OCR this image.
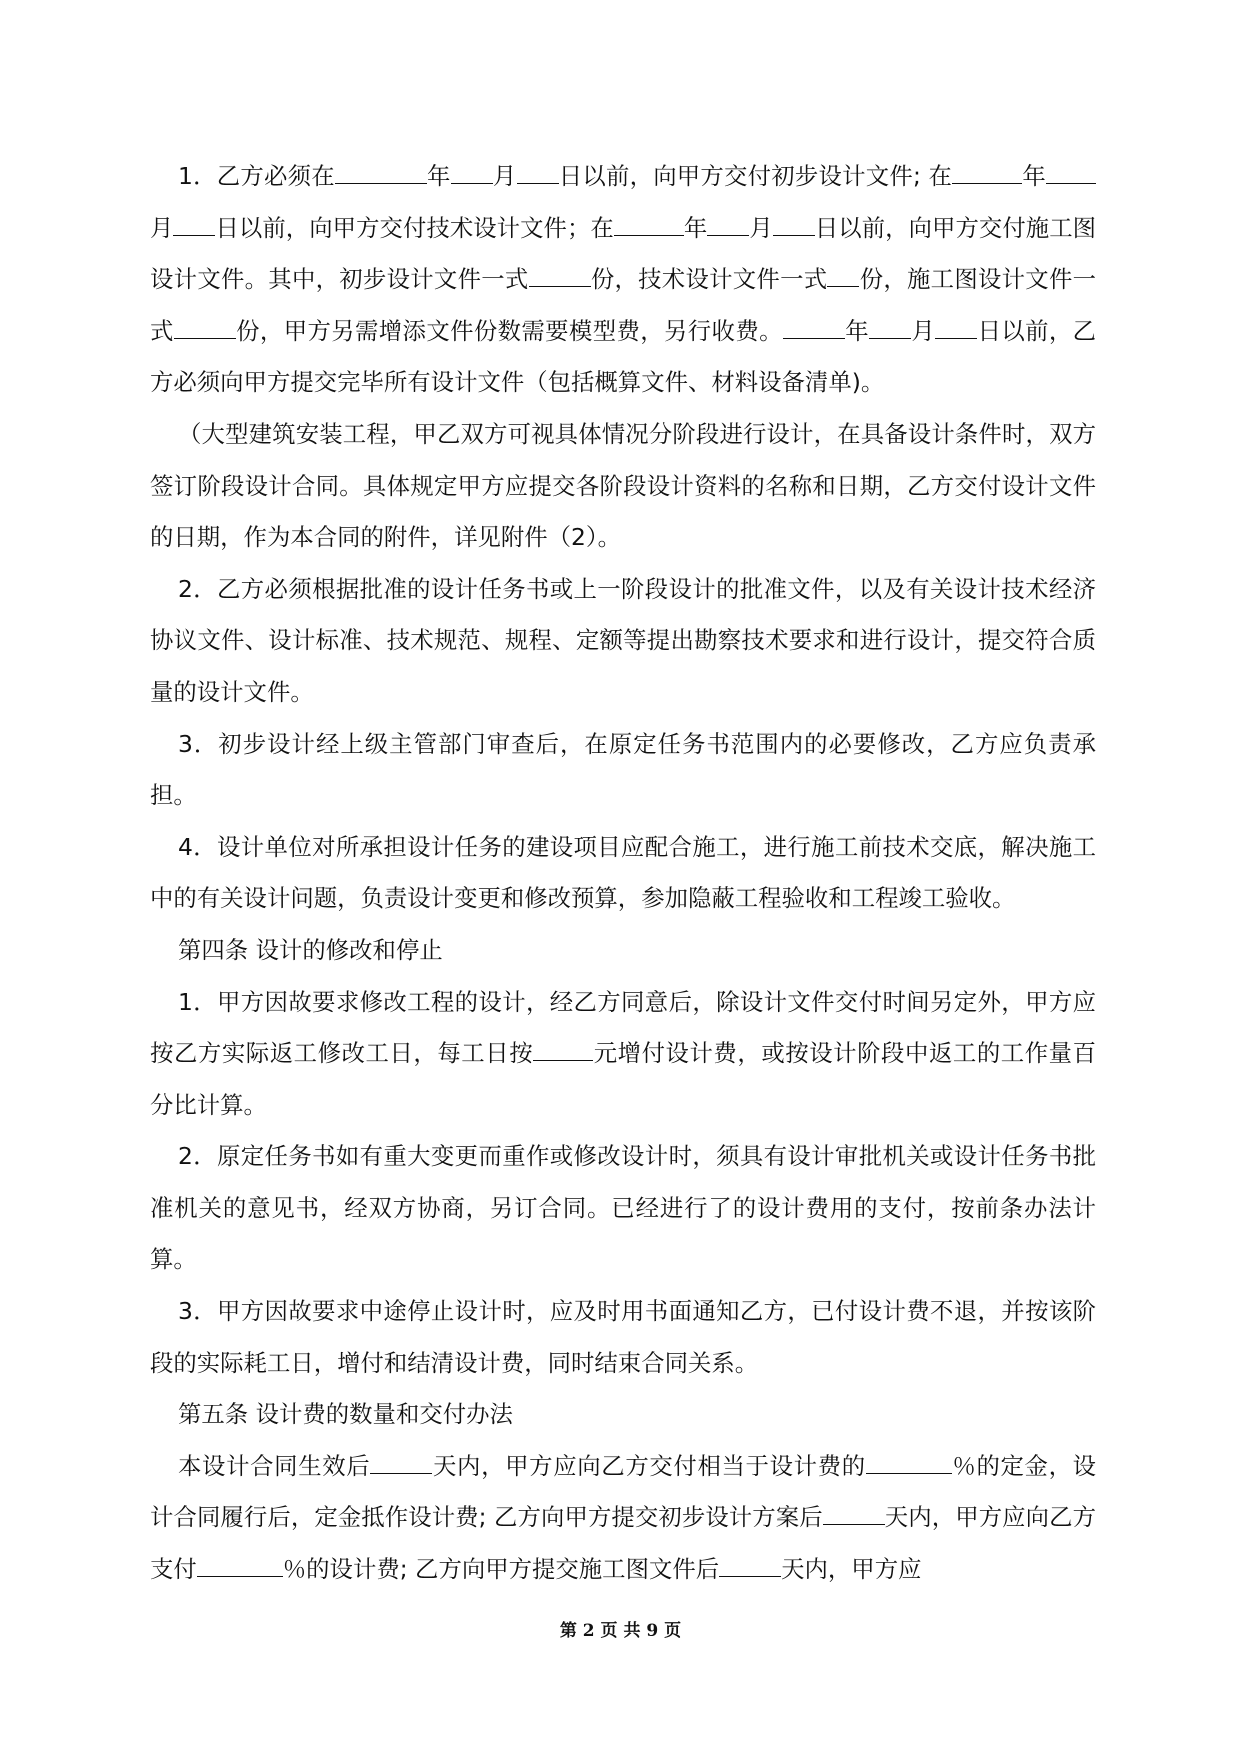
1．乙方必须在	年 月 日以前，向甲方交付初步设计文件; 在	年月 日以前，向甲方交付技术设计文件；在	年 月 日以前，向甲方交付施工图设计文件。其中，初步设计文件一式	份，技术设计文件一式 份，施工图设计文件一式	份，甲方另需增添文件份数需要模型费，另行收费。	年 月 日以前，乙方必须向甲方提交完毕所有设计文件（包括概算文件、材料设备清单)。

（大型建筑安装工程，甲乙双方可视具体情况分阶段进行设计，在具备设计条件时，双方签订阶段设计合同。具体规定甲方应提交各阶段设计资料的名称和日期，乙方交付设计文件的日期，作为本合同的附件，详见附件（2）。

2．乙方必须根据批准的设计任务书或上一阶段设计的批准文件，以及有关设计技术经济协议文件、设计标准、技术规范、规程、定额等提出勘察技术要求和进行设计，提交符合质量的设计文件。

3．初步设计经上级主管部门审查后，在原定任务书范围内的必要修改，乙方应负责承担。

4．设计单位对所承担设计任务的建设项目应配合施工，进行施工前技术交底，解决施工中的有关设计问题，负责设计变更和修改预算，参加隐蔽工程验收和工程竣工验收。

第四条 设计的修改和停止

1．甲方因故要求修改工程的设计，经乙方同意后，除设计文件交付时间另定外，甲方应按乙方实际返工修改工日，每工日按	元增付设计费，或按设计阶段中返工的工作量百分比计算。

2．原定任务书如有重大变更而重作或修改设计时，须具有设计审批机关或设计任务书批准机关的意见书，经双方协商，另订合同。已经进行了的设计费用的支付，按前条办法计算。

3．甲方因故要求中途停止设计时，应及时用书面通知乙方，已付设计费不退，并按该阶段的实际耗工日，增付和结清设计费，同时结束合同关系。

第五条 设计费的数量和交付办法

本设计合同生效后	天内，甲方应向乙方交付相当于设计费的	％的定金，设计合同履行后，定金抵作设计费; 乙方向甲方提交初步设计方案后	天内，甲方应向乙方支付	％的设计费; 乙方向甲方提交施工图文件后	天内，甲方应

第 2 页 共 9 页
